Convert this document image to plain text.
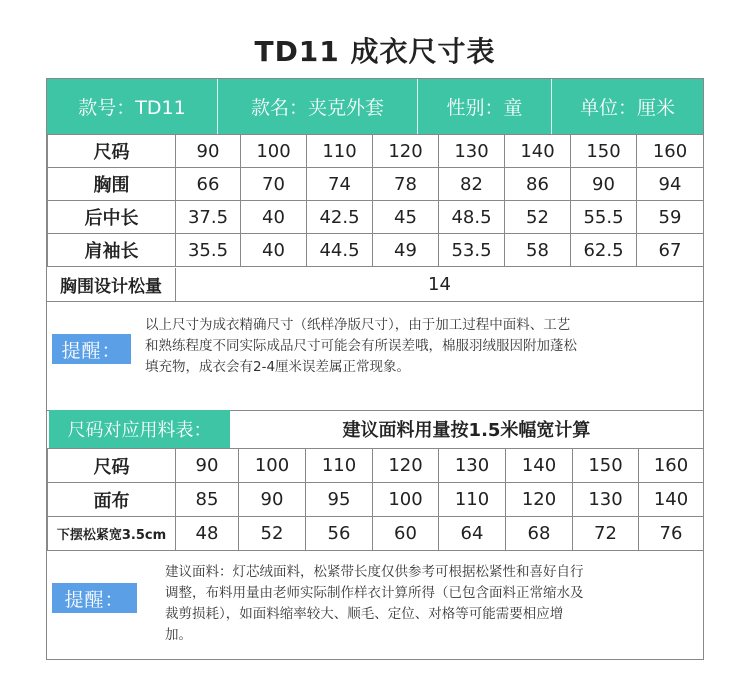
TD11 成衣尺寸表
款号：TD11	款名：夹克外套	性别：童	单位：厘米
尺码	90	100	110	120	130	140	150	160
胸围	66	70	74	78	82	86	90	94
后中长	37.5	40	42.5	45	48.5	52	55.5	59
肩袖长	35.5	40	44.5	49	53.5	58	62.5	67
胸围设计松量	14
提醒：
以上尺寸为成衣精确尺寸（纸样净版尺寸），由于加工过程中面料、工艺
和熟练程度不同实际成品尺寸可能会有所误差哦，棉服羽绒服因附加蓬松
填充物，成衣会有2-4厘米误差属正常现象。
尺码对应用料表：	建议面料用量按1.5米幅宽计算
尺码	90	100	110	120	130	140	150	160
面布	85	90	95	100	110	120	130	140
下摆松紧宽3.5cm	48	52	56	60	64	68	72	76
提醒：
建议面料：灯芯绒面料，松紧带长度仅供参考可根据松紧性和喜好自行
调整，布料用量由老师实际制作样衣计算所得（已包含面料正常缩水及
裁剪损耗），如面料缩率较大、顺毛、定位、对格等可能需要相应增
加。
